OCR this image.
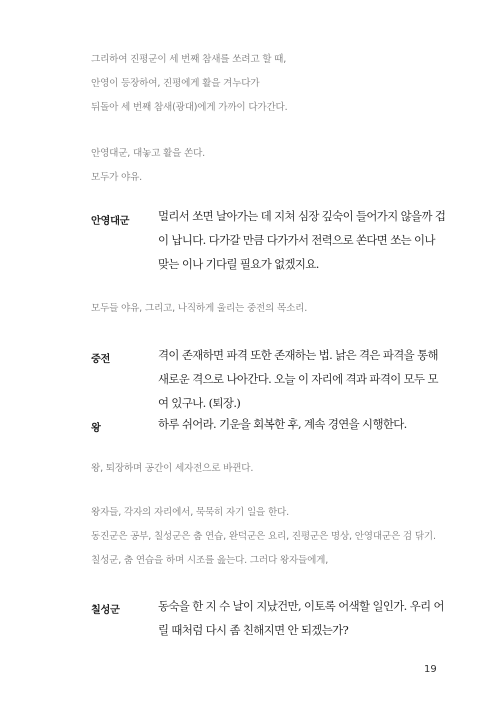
그리하여 진평군이 세 번째 참새를 쏘려고 할 때,
안영이 등장하여, 진평에게 활을 겨누다가
뒤돌아 세 번째 참새(광대)에게 가까이 다가간다.
안영대군, 대놓고 활을 쏜다.
모두가 야유.
안영대군	멀리서 쏘면 날아가는 데 지쳐 심장 깊숙이 들어가지 않을까 겁
이 납니다. 다가갈 만큼 다가가서 전력으로 쏜다면 쏘는 이나
맞는 이나 기다릴 필요가 없겠지요.
모두들 야유, 그리고, 나직하게 울리는 중전의 목소리.
중전	격이 존재하면 파격 또한 존재하는 법. 낡은 격은 파격을 통해
새로운 격으로 나아간다. 오늘 이 자리에 격과 파격이 모두 모
여 있구나. (퇴장.)
왕	하루 쉬어라. 기운을 회복한 후, 계속 경연을 시행한다.
왕, 퇴장하며 공간이 세자전으로 바뀐다.
왕자들, 각자의 자리에서, 묵묵히 자기 일을 한다.
동진군은 공부, 칠성군은 춤 연습, 완덕군은 요리, 진평군은 명상, 안영대군은 검 닦기.
칠성군, 춤 연습을 하며 시조를 읊는다. 그러다 왕자들에게,
칠성군	동숙을 한 지 수 날이 지났건만, 이토록 어색할 일인가. 우리 어
릴 때처럼 다시 좀 친해지면 안 되겠는가?
19
